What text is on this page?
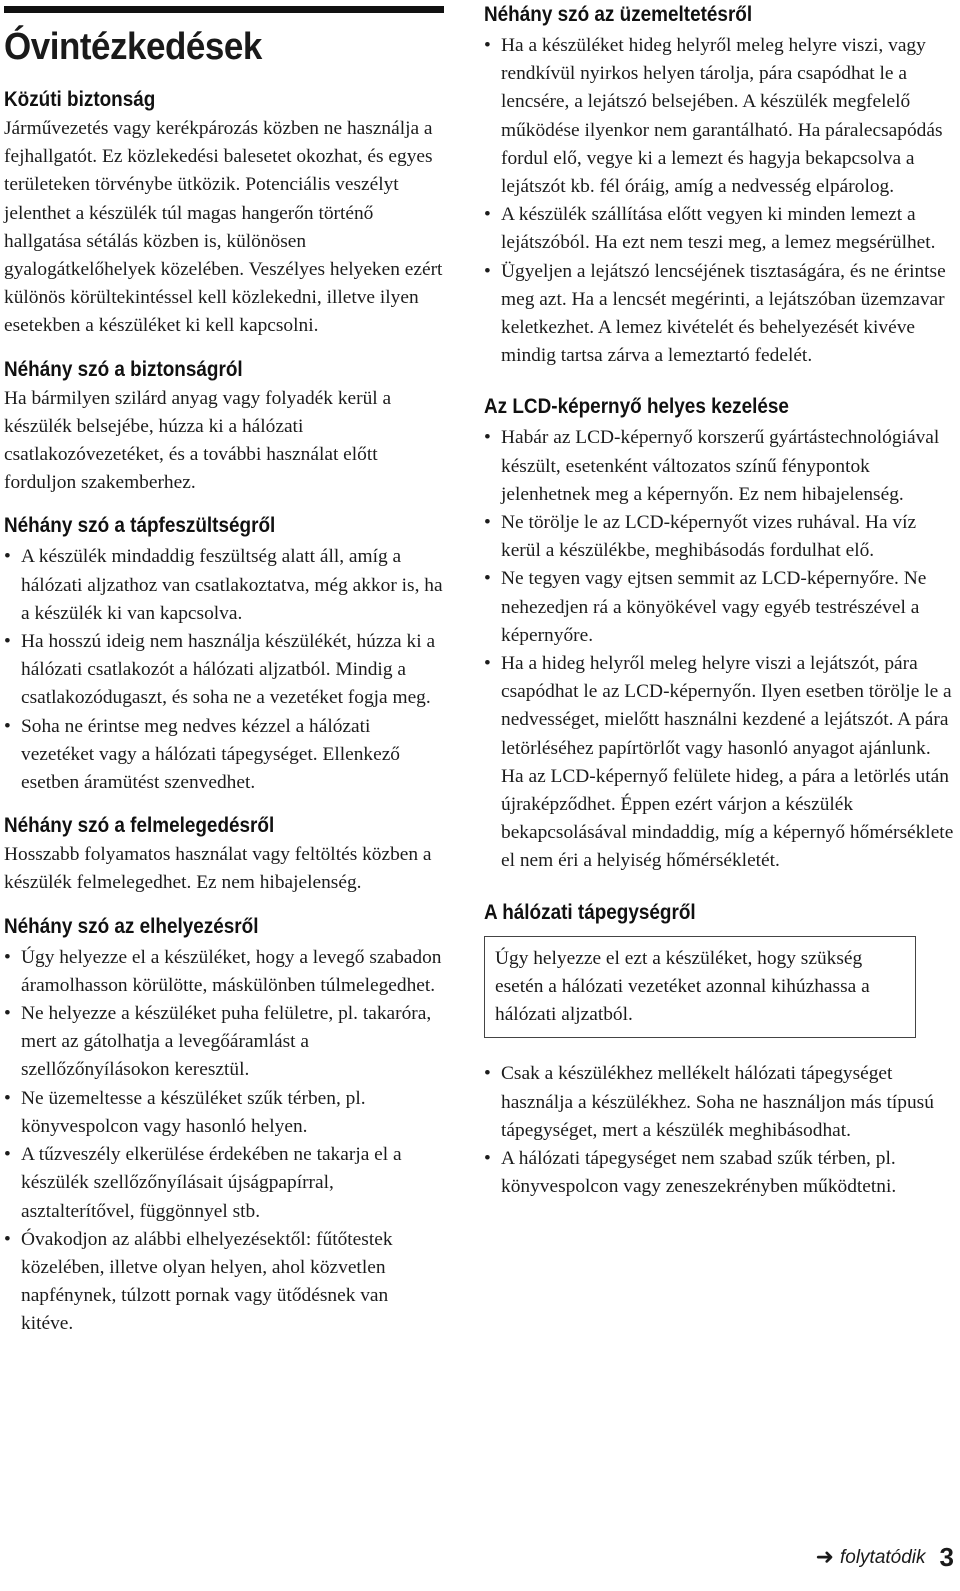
Óvintézkedések
Közúti biztonság

Járművezetés vagy kerékpározás közben ne használja a fejhallgatót. Ez közlekedési balesetet okozhat, és egyes területeken törvénybe ütközik. Potenciális veszélyt jelenthet a készülék túl magas hangerőn történő hallgatása sétálás közben is, különösen gyalogátkelőhelyek közelében. Veszélyes helyeken ezért különös körültekintéssel kell közlekedni, illetve ilyen esetekben a készüléket ki kell kapcsolni.

Néhány szó a biztonságról

Ha bármilyen szilárd anyag vagy folyadék kerül a készülék belsejébe, húzza ki a hálózati csatlakozóvezetéket, és a további használat előtt forduljon szakemberhez.

Néhány szó a tápfeszültségről
• A készülék mindaddig feszültség alatt áll, amíg a hálózati aljzathoz van csatlakoztatva, még akkor is, ha a készülék ki van kapcsolva.
• Ha hosszú ideig nem használja készülékét, húzza ki a hálózati csatlakozót a hálózati aljzatból. Mindig a csatlakozódugaszt, és soha ne a vezetéket fogja meg.
• Soha ne érintse meg nedves kézzel a hálózati vezetéket vagy a hálózati tápegységet. Ellenkező esetben áramütést szenvedhet.
Néhány szó a felmelegedésről

Hosszabb folyamatos használat vagy feltöltés közben a készülék felmelegedhet. Ez nem hibajelenség.

Néhány szó az elhelyezésről
• Úgy helyezze el a készüléket, hogy a levegő szabadon áramolhasson körülötte, máskülönben túlmelegedhet.
• Ne helyezze a készüléket puha felületre, pl. takaróra, mert az gátolhatja a levegőáramlást a szellőzőnyílásokon keresztül.
• Ne üzemeltesse a készüléket szűk térben, pl. könyvespolcon vagy hasonló helyen.
• A tűzveszély elkerülése érdekében ne takarja el a készülék szellőzőnyílásait újságpapírral, asztalterítővel, függönnyel stb.
• Óvakodjon az alábbi elhelyezésektől: fűtőtestek közelében, illetve olyan helyen, ahol közvetlen napfénynek, túlzott pornak vagy ütődésnek van kitéve.
Néhány szó az üzemeltetésről
• Ha a készüléket hideg helyről meleg helyre viszi, vagy rendkívül nyirkos helyen tárolja, pára csapódhat le a lencsére, a lejátszó belsejében. A készülék megfelelő működése ilyenkor nem garantálható. Ha páralecsapódás fordul elő, vegye ki a lemezt és hagyja bekapcsolva a lejátszót kb. fél óráig, amíg a nedvesség elpárolog.
• A készülék szállítása előtt vegyen ki minden lemezt a lejátszóból. Ha ezt nem teszi meg, a lemez megsérülhet.
• Ügyeljen a lejátszó lencséjének tisztaságára, és ne érintse meg azt. Ha a lencsét megérinti, a lejátszóban üzemzavar keletkezhet. A lemez kivételét és behelyezését kivéve mindig tartsa zárva a lemeztartó fedelét.
Az LCD-képernyő helyes kezelése
• Habár az LCD-képernyő korszerű gyártástechnológiával készült, esetenként változatos színű fénypontok jelenhetnek meg a képernyőn. Ez nem hibajelenség.
• Ne törölje le az LCD-képernyőt vizes ruhával. Ha víz kerül a készülékbe, meghibásodás fordulhat elő.
• Ne tegyen vagy ejtsen semmit az LCD-képernyőre. Ne nehezedjen rá a könyökével vagy egyéb testrészével a képernyőre.
• Ha a hideg helyről meleg helyre viszi a lejátszót, pára csapódhat le az LCD-képernyőn. Ilyen esetben törölje le a nedvességet, mielőtt használni kezdené a lejátszót. A pára letörléséhez papírtörlőt vagy hasonló anyagot ajánlunk.
Ha az LCD-képernyő felülete hideg, a pára a letörlés után újraképződhet. Éppen ezért várjon a készülék bekapcsolásával mindaddig, míg a képernyő hőmérséklete el nem éri a helyiség hőmérsékletét.
A hálózati tápegységről
Úgy helyezze el ezt a készüléket, hogy szükség esetén a hálózati vezetéket azonnal kihúzhassa a hálózati aljzatból.
• Csak a készülékhez mellékelt hálózati tápegységet használja a készülékhez. Soha ne használjon más típusú tápegységet, mert a készülék meghibásodhat.
• A hálózati tápegységet nem szabad szűk térben, pl. könyvespolcon vagy zeneszekrényben működtetni.
➜ folytatódik 3
